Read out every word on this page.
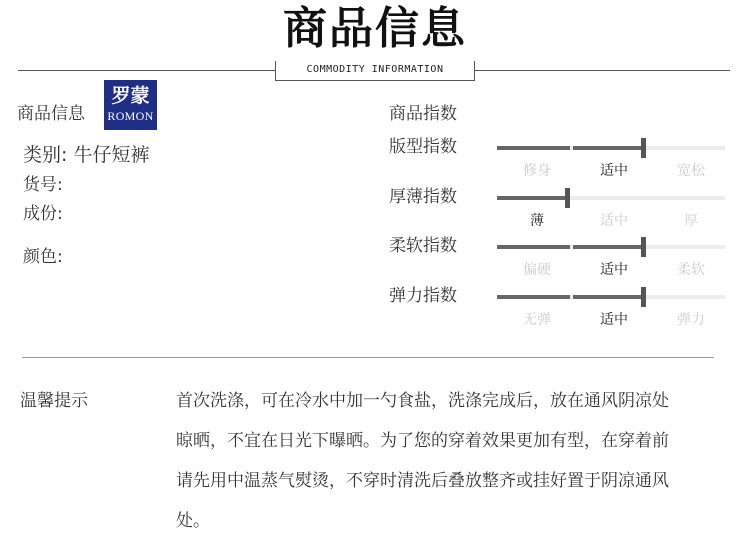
商品信息
COMMODITY INFORMATION
商品信息
罗蒙
ROMON
类别: 牛仔短裤
货号:
成份:
颜色:
商品指数
版型指数
修身	适中	宽松
厚薄指数
薄	适中	厚
柔软指数
偏硬	适中	柔软
弹力指数
无弹	适中	弹力
温馨提示	首次洗涤，可在冷水中加一勺食盐，洗涤完成后，放在通风阴凉处晾晒，不宜在日光下曝晒。为了您的穿着效果更加有型，在穿着前请先用中温蒸气熨烫，不穿时清洗后叠放整齐或挂好置于阴凉通风处。
